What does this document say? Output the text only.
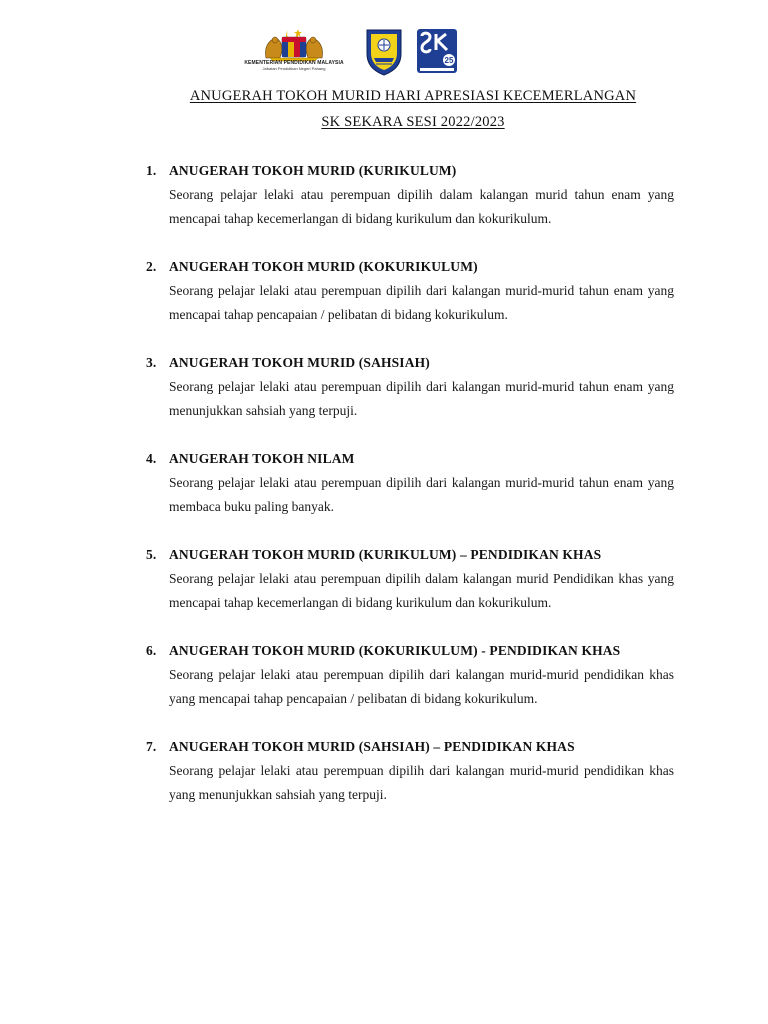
KEMENTERIAN PENDIDIKAN MALAYSIA
Jabatan Pendidikan Negeri Pahang
25
ANUGERAH TOKOH MURID HARI APRESIASI KECEMERLANGAN
SK SEKARA SESI 2022/2023
1. ANUGERAH TOKOH MURID (KURIKULUM)
Seorang pelajar lelaki atau perempuan dipilih dalam kalangan murid tahun enam yang mencapai tahap kecemerlangan di bidang kurikulum dan kokurikulum.
2. ANUGERAH TOKOH MURID (KOKURIKULUM)
Seorang pelajar lelaki atau perempuan dipilih dari kalangan murid-murid tahun enam yang mencapai tahap pencapaian / pelibatan di bidang kokurikulum.
3. ANUGERAH TOKOH MURID (SAHSIAH)
Seorang pelajar lelaki atau perempuan dipilih dari kalangan murid-murid tahun enam yang menunjukkan sahsiah yang terpuji.
4. ANUGERAH TOKOH NILAM
Seorang pelajar lelaki atau perempuan dipilih dari kalangan murid-murid tahun enam yang membaca buku paling banyak.
5. ANUGERAH TOKOH MURID (KURIKULUM) – PENDIDIKAN KHAS
Seorang pelajar lelaki atau perempuan dipilih dalam kalangan murid Pendidikan khas yang mencapai tahap kecemerlangan di bidang kurikulum dan kokurikulum.
6. ANUGERAH TOKOH MURID (KOKURIKULUM) - PENDIDIKAN KHAS
Seorang pelajar lelaki atau perempuan dipilih dari kalangan murid-murid pendidikan khas yang mencapai tahap pencapaian / pelibatan di bidang kokurikulum.
7. ANUGERAH TOKOH MURID (SAHSIAH) – PENDIDIKAN KHAS
Seorang pelajar lelaki atau perempuan dipilih dari kalangan murid-murid pendidikan khas yang menunjukkan sahsiah yang terpuji.
